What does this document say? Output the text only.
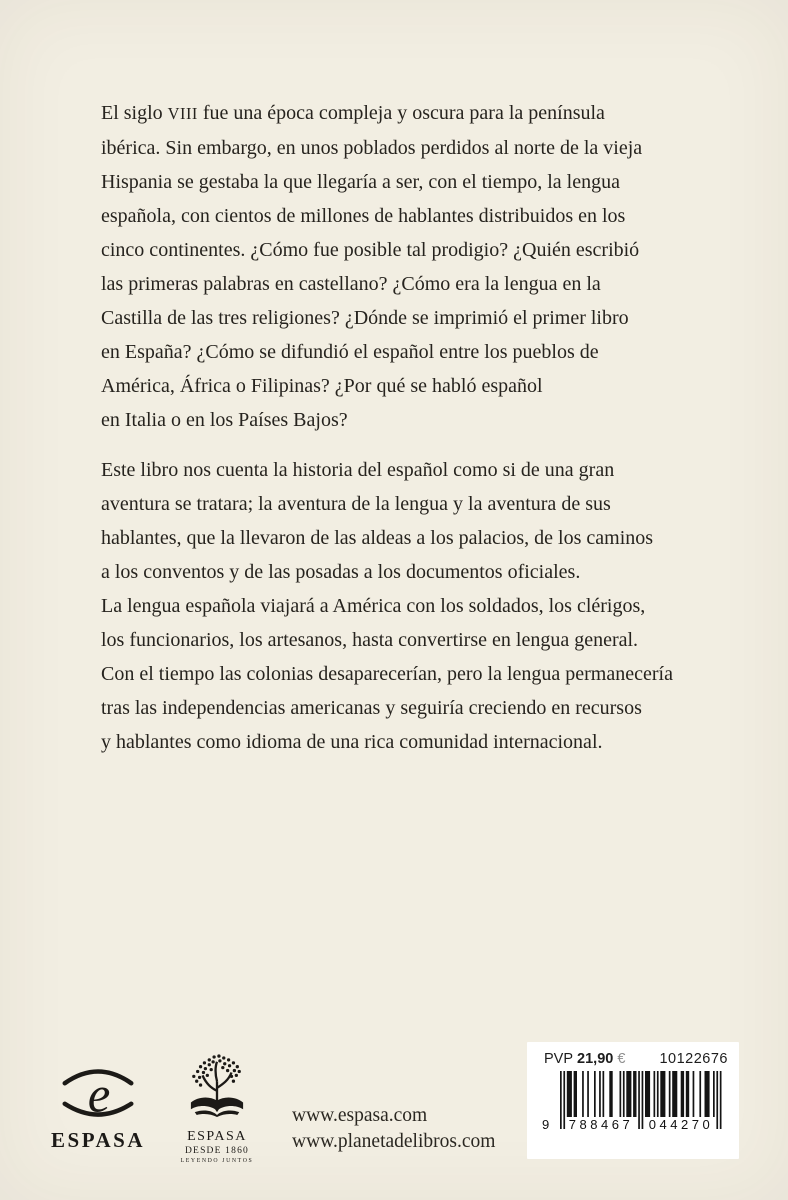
El siglo VIII fue una época compleja y oscura para la península
ibérica. Sin embargo, en unos poblados perdidos al norte de la vieja
Hispania se gestaba la que llegaría a ser, con el tiempo, la lengua
española, con cientos de millones de hablantes distribuidos en los
cinco continentes. ¿Cómo fue posible tal prodigio? ¿Quién escribió
las primeras palabras en castellano? ¿Cómo era la lengua en la
Castilla de las tres religiones? ¿Dónde se imprimió el primer libro
en España? ¿Cómo se difundió el español entre los pueblos de
América, África o Filipinas? ¿Por qué se habló español
en Italia o en los Países Bajos?
Este libro nos cuenta la historia del español como si de una gran
aventura se tratara; la aventura de la lengua y la aventura de sus
hablantes, que la llevaron de las aldeas a los palacios, de los caminos
a los conventos y de las posadas a los documentos oficiales.
La lengua española viajará a América con los soldados, los clérigos,
los funcionarios, los artesanos, hasta convertirse en lengua general.
Con el tiempo las colonias desaparecerían, pero la lengua permanecería
tras las independencias americanas y seguiría creciendo en recursos
y hablantes como idioma de una rica comunidad internacional.
e
ESPASA	ESPASA
DESDE 1860
LEYENDO JUNTOS
www.espasa.com
www.planetadelibros.com
PVP 21,90 € 10122676
9 788467 044270
